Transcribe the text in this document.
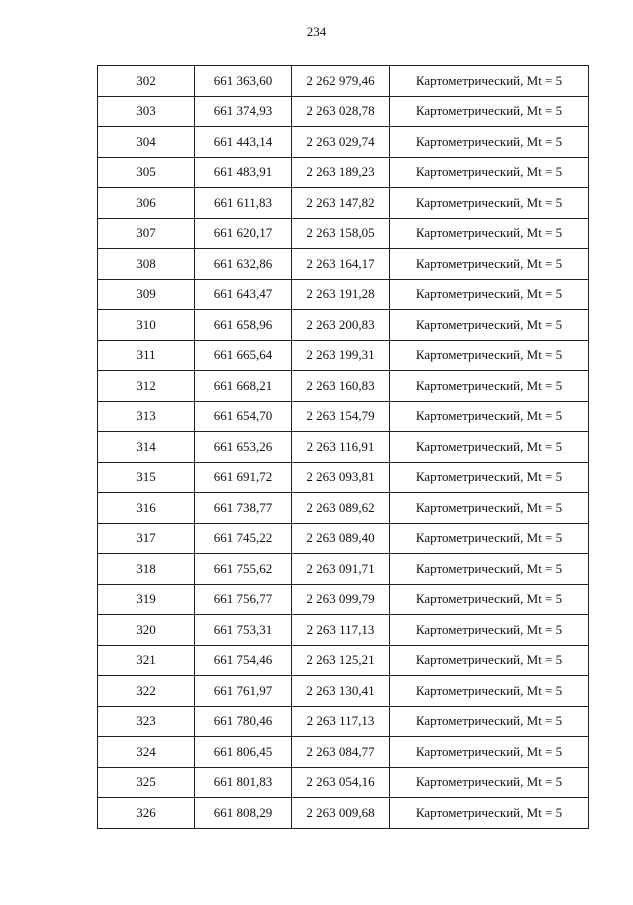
234
302	661 363,60	2 262 979,46	Картометрический, Mt = 5
303	661 374,93	2 263 028,78	Картометрический, Mt = 5
304	661 443,14	2 263 029,74	Картометрический, Mt = 5
305	661 483,91	2 263 189,23	Картометрический, Mt = 5
306	661 611,83	2 263 147,82	Картометрический, Mt = 5
307	661 620,17	2 263 158,05	Картометрический, Mt = 5
308	661 632,86	2 263 164,17	Картометрический, Mt = 5
309	661 643,47	2 263 191,28	Картометрический, Mt = 5
310	661 658,96	2 263 200,83	Картометрический, Mt = 5
311	661 665,64	2 263 199,31	Картометрический, Mt = 5
312	661 668,21	2 263 160,83	Картометрический, Mt = 5
313	661 654,70	2 263 154,79	Картометрический, Mt = 5
314	661 653,26	2 263 116,91	Картометрический, Mt = 5
315	661 691,72	2 263 093,81	Картометрический, Mt = 5
316	661 738,77	2 263 089,62	Картометрический, Mt = 5
317	661 745,22	2 263 089,40	Картометрический, Mt = 5
318	661 755,62	2 263 091,71	Картометрический, Mt = 5
319	661 756,77	2 263 099,79	Картометрический, Mt = 5
320	661 753,31	2 263 117,13	Картометрический, Mt = 5
321	661 754,46	2 263 125,21	Картометрический, Mt = 5
322	661 761,97	2 263 130,41	Картометрический, Mt = 5
323	661 780,46	2 263 117,13	Картометрический, Mt = 5
324	661 806,45	2 263 084,77	Картометрический, Mt = 5
325	661 801,83	2 263 054,16	Картометрический, Mt = 5
326	661 808,29	2 263 009,68	Картометрический, Mt = 5
